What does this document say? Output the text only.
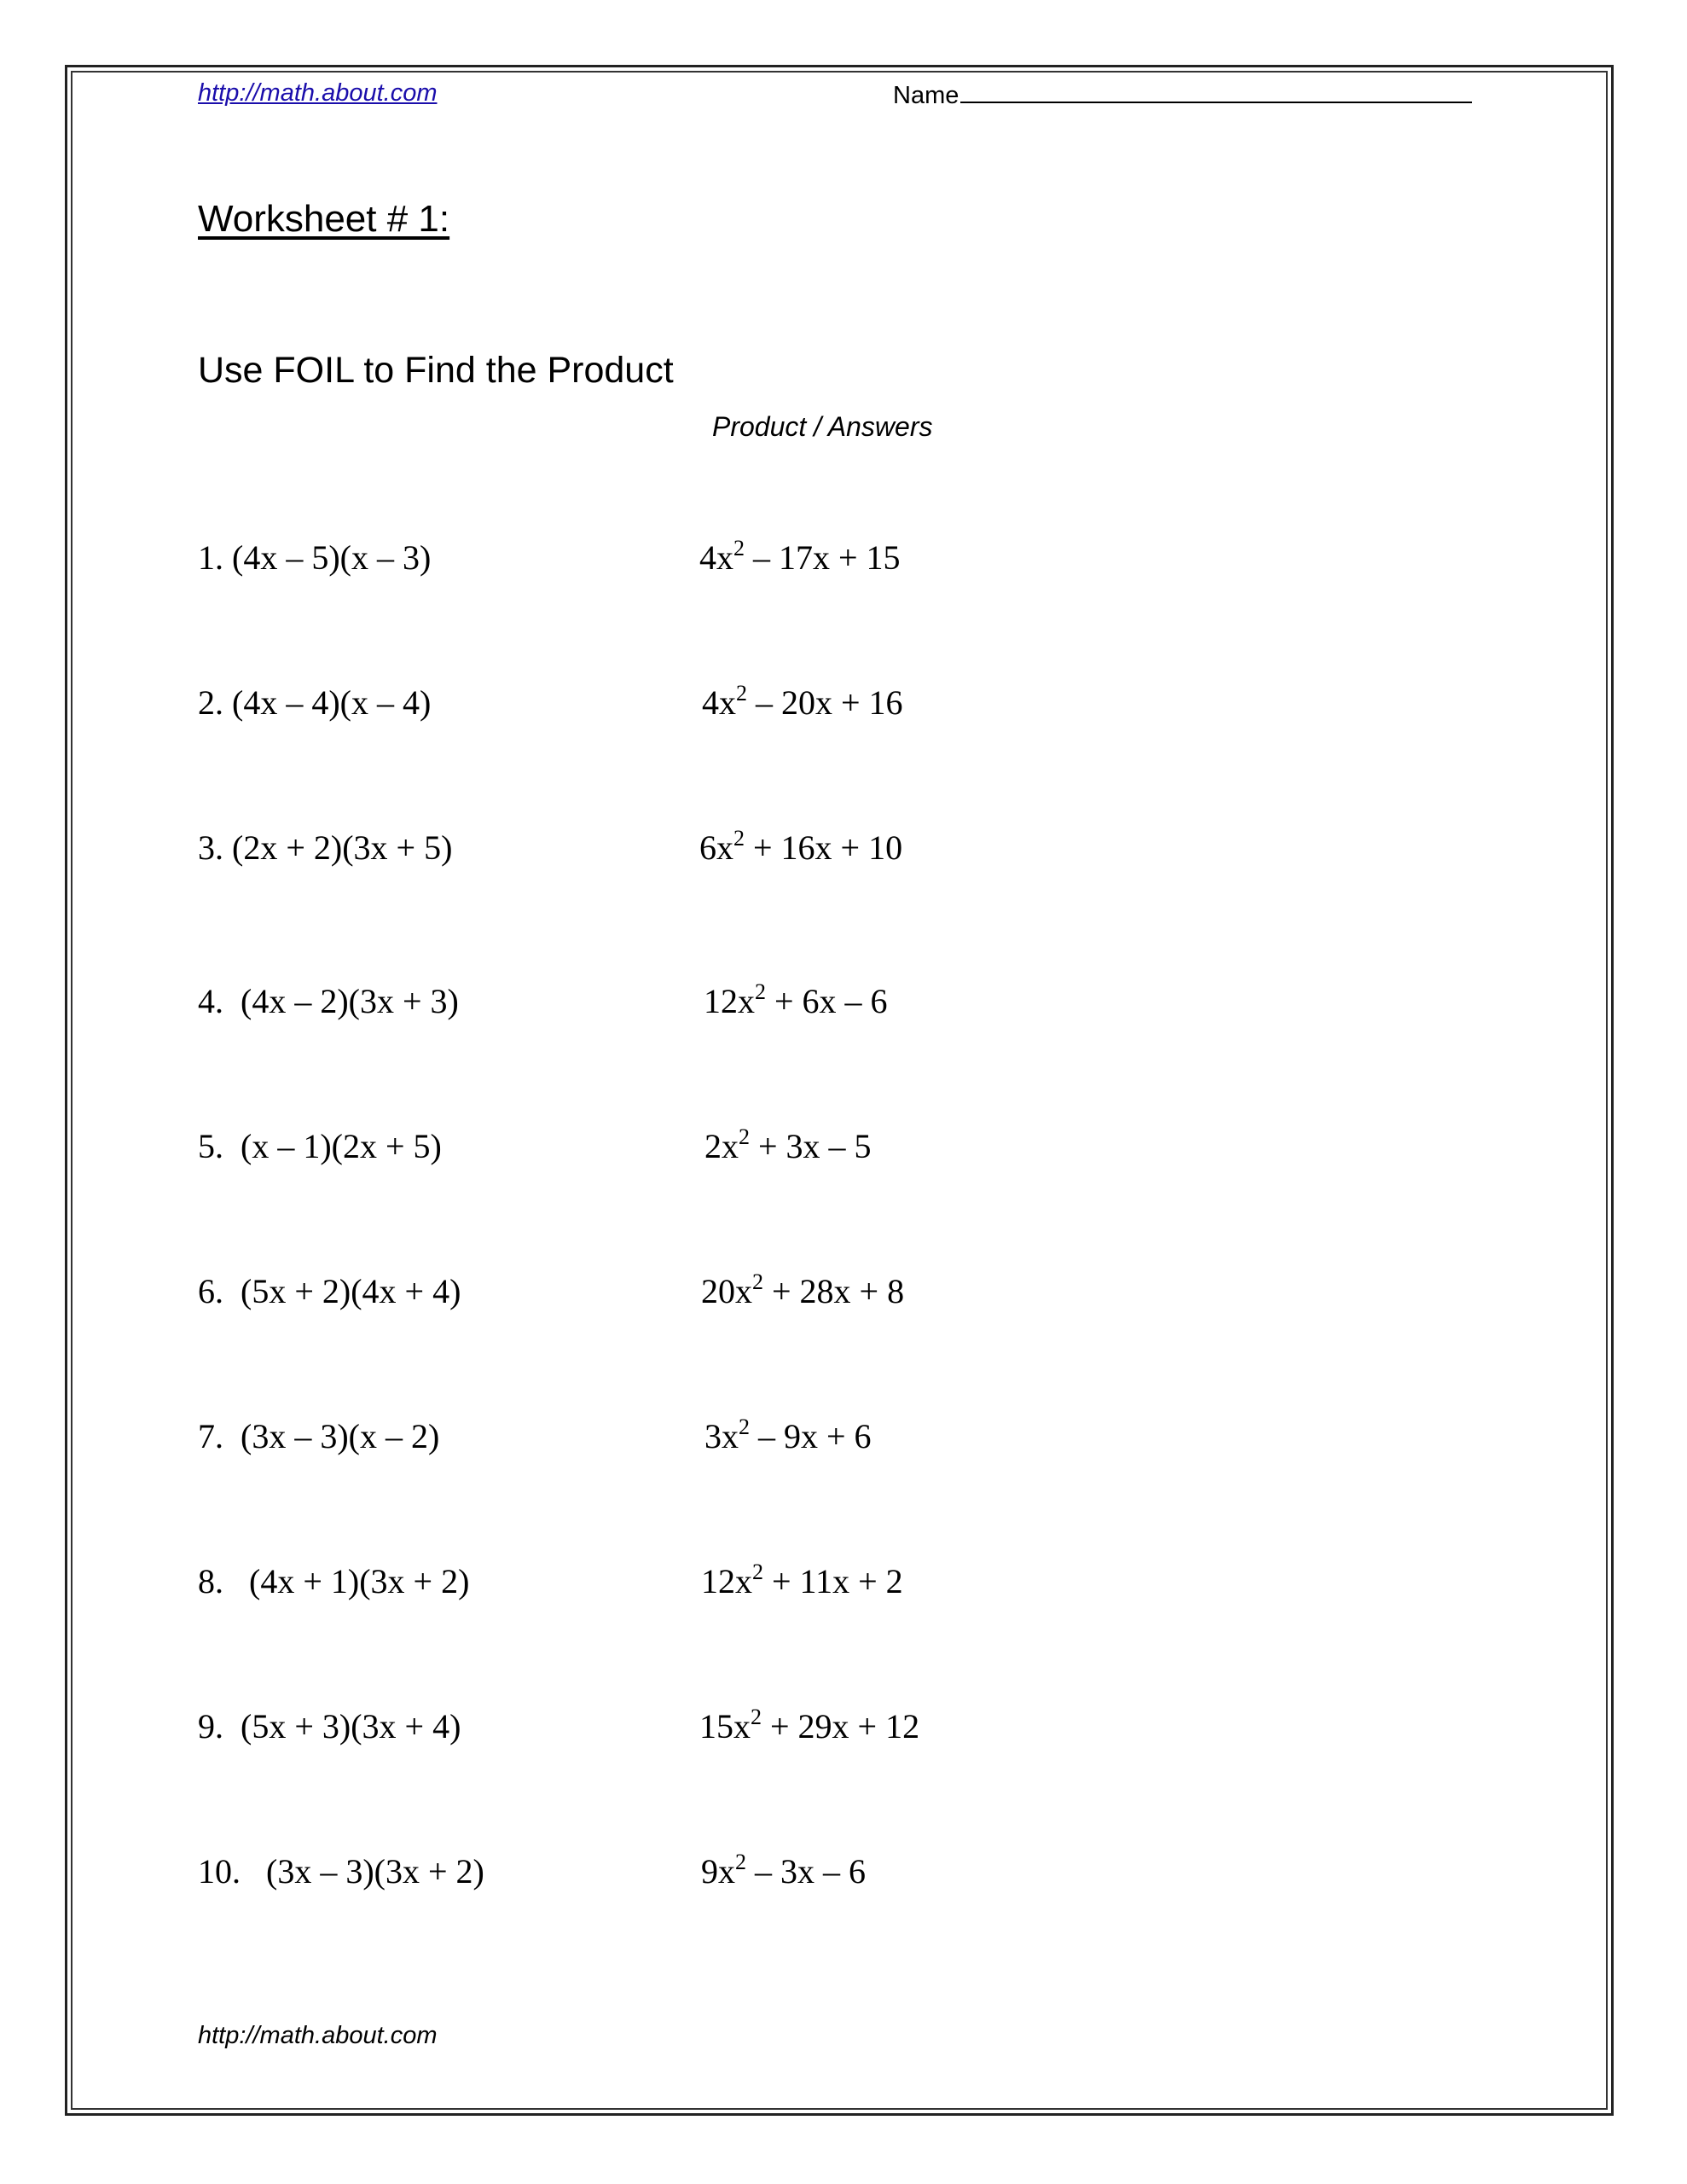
http://math.about.com	Name
Worksheet # 1:
Use FOIL to Find the Product
Product / Answers
1. (4x – 5)(x – 3)	$4x^2 - 17x + 15$
2. (4x – 4)(x – 4)	$4x^2 - 20x + 16$
3. (2x + 2)(3x + 5)	$6x^2 + 16x + 10$
4. (4x – 2)(3x + 3)	$12x^2 + 6x - 6$
5. (x – 1)(2x + 5)	$2x^2 + 3x - 5$
6. (5x + 2)(4x + 4)	$20x^2 + 28x + 8$
7. (3x – 3)(x – 2)	$3x^2 - 9x + 6$
8. (4x + 1)(3x + 2)	$12x^2 + 11x + 2$
9. (5x + 3)(3x + 4)	$15x^2 + 29x + 12$
10. (3x – 3)(3x + 2)	$9x^2 - 3x - 6$
http://math.about.com
